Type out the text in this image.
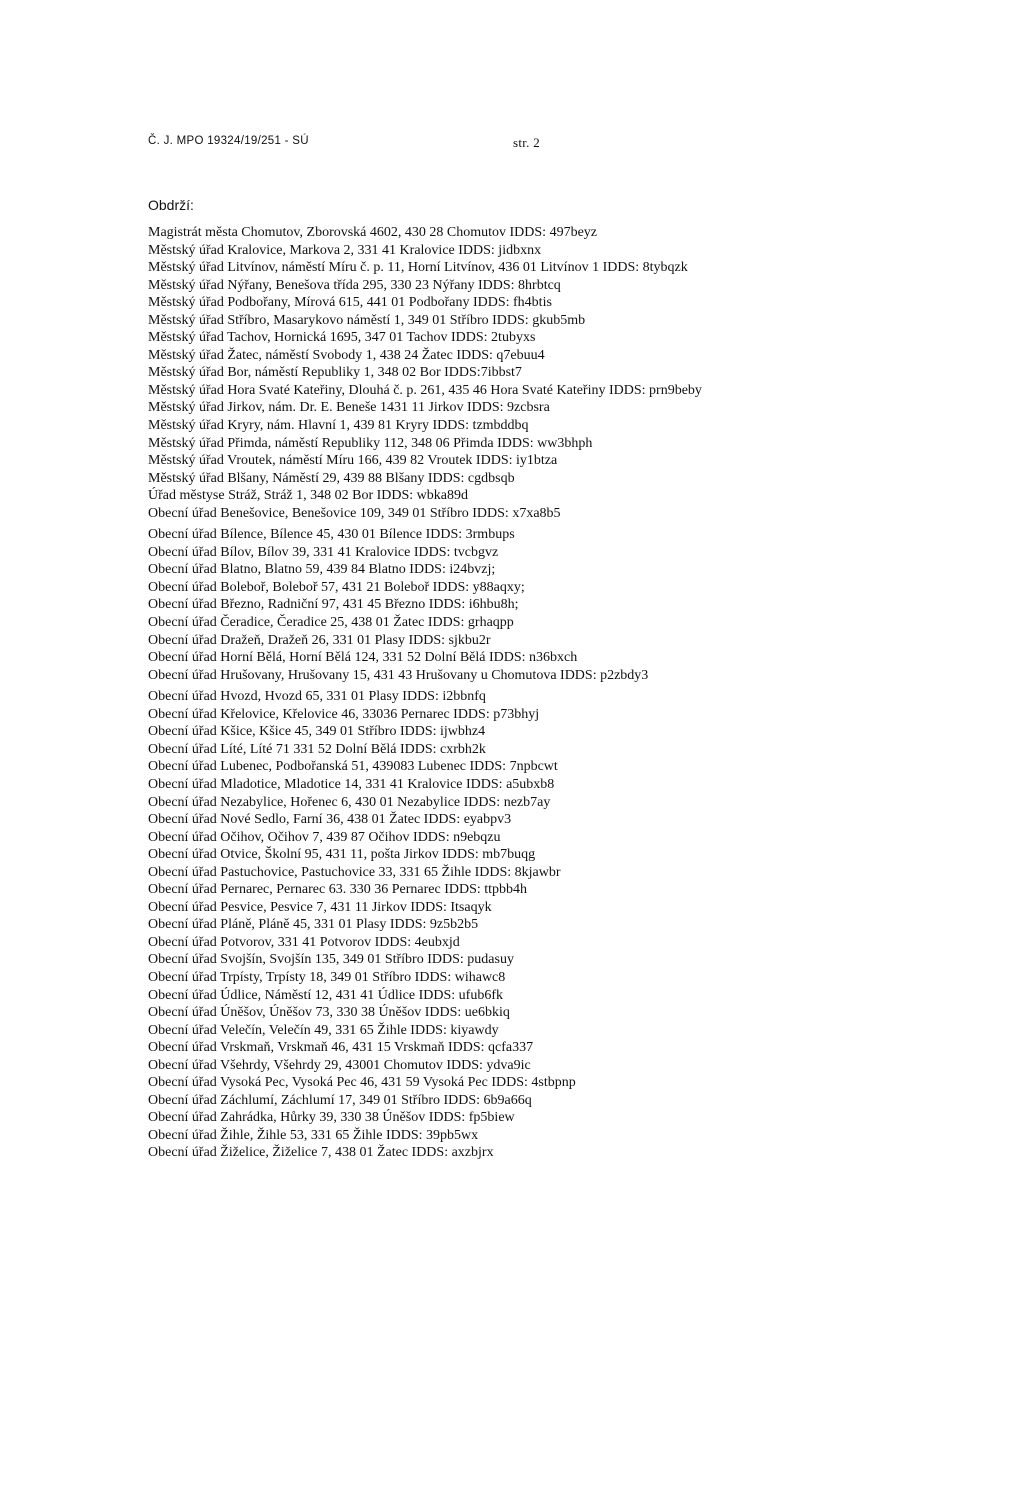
Č. J. MPO 19324/19/251 - SÚ	str. 2
Obdrží:
Magistrát města Chomutov, Zborovská 4602, 430 28 Chomutov IDDS: 497beyz
Městský úřad Kralovice, Markova 2, 331 41 Kralovice IDDS: jidbxnx
Městský úřad Litvínov, náměstí Míru č. p. 11, Horní Litvínov, 436 01 Litvínov 1 IDDS: 8tybqzk
Městský úřad Nýřany, Benešova třída 295, 330 23 Nýřany IDDS: 8hrbtcq
Městský úřad Podbořany, Mírová 615, 441 01 Podbořany IDDS: fh4btis
Městský úřad Stříbro, Masarykovo náměstí 1, 349 01 Stříbro IDDS: gkub5mb
Městský úřad Tachov, Hornická 1695, 347 01 Tachov IDDS: 2tubyxs
Městský úřad Žatec, náměstí Svobody 1, 438 24 Žatec IDDS: q7ebuu4
Městský úřad Bor, náměstí Republiky 1, 348 02 Bor IDDS:7ibbst7
Městský úřad Hora Svaté Kateřiny, Dlouhá č. p. 261, 435 46 Hora Svaté Kateřiny IDDS: prn9beby
Městský úřad Jirkov, nám. Dr. E. Beneše 1431 11 Jirkov IDDS: 9zcbsra
Městský úřad Kryry, nám. Hlavní 1, 439 81 Kryry IDDS: tzmbddbq
Městský úřad Přimda, náměstí Republiky 112, 348 06 Přimda IDDS: ww3bhph
Městský úřad Vroutek, náměstí Míru 166, 439 82 Vroutek IDDS: iy1btza
Městský úřad Blšany, Náměstí 29, 439 88 Blšany IDDS: cgdbsqb
Úřad městyse Stráž, Stráž 1, 348 02 Bor IDDS: wbka89d
Obecní úřad Benešovice, Benešovice 109, 349 01 Stříbro IDDS: x7xa8b5
Obecní úřad Bílence, Bílence 45, 430 01 Bílence IDDS: 3rmbups
Obecní úřad Bílov, Bílov 39, 331 41 Kralovice IDDS: tvcbgvz
Obecní úřad Blatno, Blatno 59, 439 84 Blatno IDDS: i24bvzj;
Obecní úřad Boleboř, Boleboř 57, 431 21 Boleboř IDDS: y88aqxy;
Obecní úřad Březno, Radniční 97, 431 45 Březno IDDS: i6hbu8h;
Obecní úřad Čeradice, Čeradice 25, 438 01 Žatec IDDS: grhaqpp
Obecní úřad Dražeň, Dražeň 26, 331 01 Plasy IDDS: sjkbu2r
Obecní úřad Horní Bělá, Horní Bělá 124, 331 52 Dolní Bělá IDDS: n36bxch
Obecní úřad Hrušovany, Hrušovany 15, 431 43 Hrušovany u Chomutova IDDS: p2zbdy3
Obecní úřad Hvozd, Hvozd 65, 331 01 Plasy IDDS: i2bbnfq
Obecní úřad Křelovice, Křelovice 46, 33036 Pernarec IDDS: p73bhyj
Obecní úřad Kšice, Kšice 45, 349 01 Stříbro IDDS: ijwbhz4
Obecní úřad Líté, Líté 71 331 52 Dolní Bělá IDDS: cxrbh2k
Obecní úřad Lubenec, Podbořanská 51, 439083 Lubenec IDDS: 7npbcwt
Obecní úřad Mladotice, Mladotice 14, 331 41 Kralovice IDDS: a5ubxb8
Obecní úřad Nezabylice, Hořenec 6, 430 01 Nezabylice IDDS: nezb7ay
Obecní úřad Nové Sedlo, Farní 36, 438 01 Žatec IDDS: eyabpv3
Obecní úřad Očihov, Očihov 7, 439 87 Očihov IDDS: n9ebqzu
Obecní úřad Otvice, Školní 95, 431 11, pošta Jirkov IDDS: mb7buqg
Obecní úřad Pastuchovice, Pastuchovice 33, 331 65 Žihle IDDS: 8kjawbr
Obecní úřad Pernarec, Pernarec 63. 330 36 Pernarec IDDS: ttpbb4h
Obecní úřad Pesvice, Pesvice 7, 431 11 Jirkov IDDS: Itsaqyk
Obecní úřad Pláně, Pláně 45, 331 01 Plasy IDDS: 9z5b2b5
Obecní úřad Potvorov, 331 41 Potvorov IDDS: 4eubxjd
Obecní úřad Svojšín, Svojšín 135, 349 01 Stříbro IDDS: pudasuy
Obecní úřad Trpísty, Trpísty 18, 349 01 Stříbro IDDS: wihawc8
Obecní úřad Údlice, Náměstí 12, 431 41 Údlice IDDS: ufub6fk
Obecní úřad Úněšov, Úněšov 73, 330 38 Úněšov IDDS: ue6bkiq
Obecní úřad Velečín, Velečín 49, 331 65 Žihle IDDS: kiyawdy
Obecní úřad Vrskmaň, Vrskmaň 46, 431 15 Vrskmaň IDDS: qcfa337
Obecní úřad Všehrdy, Všehrdy 29, 43001 Chomutov IDDS: ydva9ic
Obecní úřad Vysoká Pec, Vysoká Pec 46, 431 59 Vysoká Pec IDDS: 4stbpnp
Obecní úřad Záchlumí, Záchlumí 17, 349 01 Stříbro IDDS: 6b9a66q
Obecní úřad Zahrádka, Hůrky 39, 330 38 Úněšov IDDS: fp5biew
Obecní úřad Žihle, Žihle 53, 331 65 Žihle IDDS: 39pb5wx
Obecní úřad Žiželice, Žiželice 7, 438 01 Žatec IDDS: axzbjrx
